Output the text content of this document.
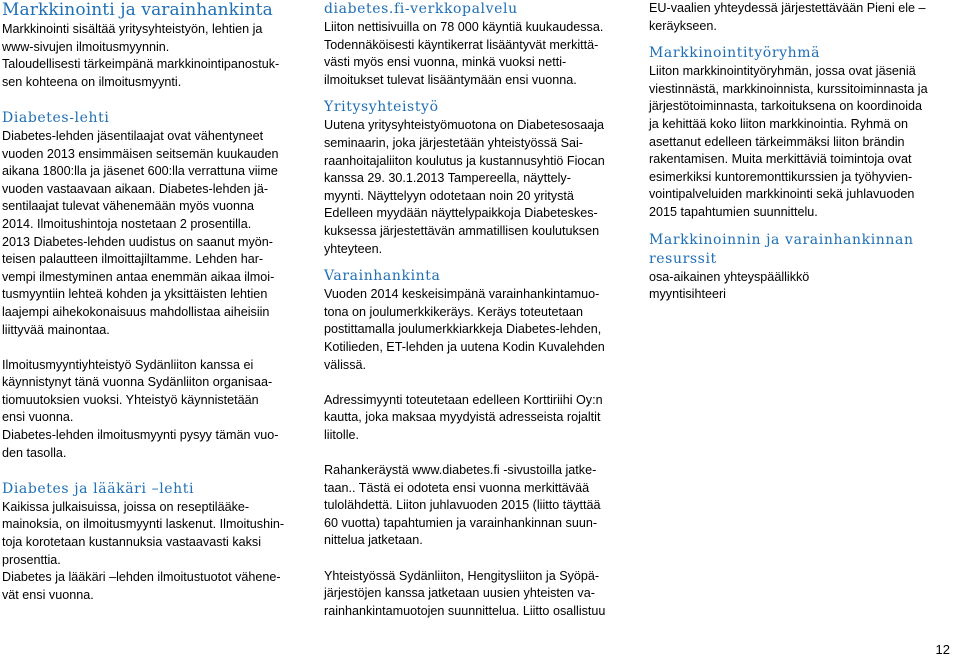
Markkinointi ja varainhankinta

Markkinointi sisältää yritysyhteistyön, lehtien ja
www-sivujen ilmoitusmyynnin.
Taloudellisesti tärkeimpänä markkinointipanostuk-
sen kohteena on ilmoitusmyynti.

Diabetes-lehti

Diabetes-lehden jäsentilaajat ovat vähentyneet
vuoden 2013 ensimmäisen seitsemän kuukauden
aikana 1800:lla ja jäsenet 600:lla verrattuna viime
vuoden vastaavaan aikaan. Diabetes-lehden jä-
sentilaajat tulevat vähenemään myös vuonna
2014. Ilmoitushintoja nostetaan 2 prosentilla.
2013 Diabetes-lehden uudistus on saanut myön-
teisen palautteen ilmoittajiltamme. Lehden har-
vempi ilmestyminen antaa enemmän aikaa ilmoi-
tusmyyntiin lehteä kohden ja yksittäisten lehtien
laajempi aihekokonaisuus mahdollistaa aiheisiin
liittyvää mainontaa.

Ilmoitusmyyntiyhteistyö Sydänliiton kanssa ei
käynnistynyt tänä vuonna Sydänliiton organisaa-
tiomuutoksien vuoksi. Yhteistyö käynnistetään
ensi vuonna.
Diabetes-lehden ilmoitusmyynti pysyy tämän vuo-
den tasolla.

Diabetes ja lääkäri –lehti

Kaikissa julkaisuissa, joissa on reseptilääke-
mainoksia, on ilmoitusmyynti laskenut. Ilmoitushin-
toja korotetaan kustannuksia vastaavasti kaksi
prosenttia.
Diabetes ja lääkäri –lehden ilmoitustuotot vähene-
vät ensi vuonna.

diabetes.fi-verkkopalvelu

Liiton nettisivuilla on 78 000 käyntiä kuukaudessa.
Todennäköisesti käyntikerrat lisääntyvät merkittä-
västi myös ensi vuonna, minkä vuoksi netti-
ilmoitukset tulevat lisääntymään ensi vuonna.

Yritysyhteistyö

Uutena yritysyhteistyömuotona on Diabetesosaaja
seminaarin, joka järjestetään yhteistyössä Sai-
raanhoitajaliiton koulutus ja kustannusyhtiö Fiocan
kanssa 29. 30.1.2013 Tampereella, näyttely-
myynti. Näyttelyyn odotetaan noin 20 yritystä
Edelleen myydään näyttelypaikkoja Diabeteskes-
kuksessa järjestettävän ammatillisen koulutuksen
yhteyteen.

Varainhankinta

Vuoden 2014 keskeisimpänä varainhankintamuo-
tona on joulumerkkikeräys. Keräys toteutetaan
postittamalla joulumerkkiarkkeja Diabetes-lehden,
Kotilieden, ET-lehden ja uutena Kodin Kuvalehden
välissä.

Adressimyynti toteutetaan edelleen Korttiriihi Oy:n
kautta, joka maksaa myydyistä adresseista rojaltit
liitolle.

Rahankeräystä www.diabetes.fi -sivustoilla jatke-
taan.. Tästä ei odoteta ensi vuonna merkittävää
tulolähdettä. Liiton juhlavuoden 2015 (liitto täyttää
60 vuotta) tapahtumien ja varainhankinnan suun-
nittelua jatketaan.

Yhteistyössä Sydänliiton, Hengitysliiton ja Syöpä-
järjestöjen kanssa jatketaan uusien yhteisten va-
rainhankintamuotojen suunnittelua. Liitto osallistuu

EU-vaalien yhteydessä järjestettävään Pieni ele –
keräykseen.

Markkinointityöryhmä

Liiton markkinointityöryhmän, jossa ovat jäseniä
viestinnästä, markkinoinnista, kurssitoiminnasta ja
järjestötoiminnasta, tarkoituksena on koordinoida
ja kehittää koko liiton markkinointia. Ryhmä on
asettanut edelleen tärkeimmäksi liiton brändin
rakentamisen. Muita merkittäviä toimintoja ovat
esimerkiksi kuntoremonttikurssien ja työhyvien-
vointipalveluiden markkinointi sekä juhlavuoden
2015 tapahtumien suunnittelu.

Markkinoinnin ja varainhankinnan resurssit

osa-aikainen yhteyspäällikkö
myyntisihteeri

12
